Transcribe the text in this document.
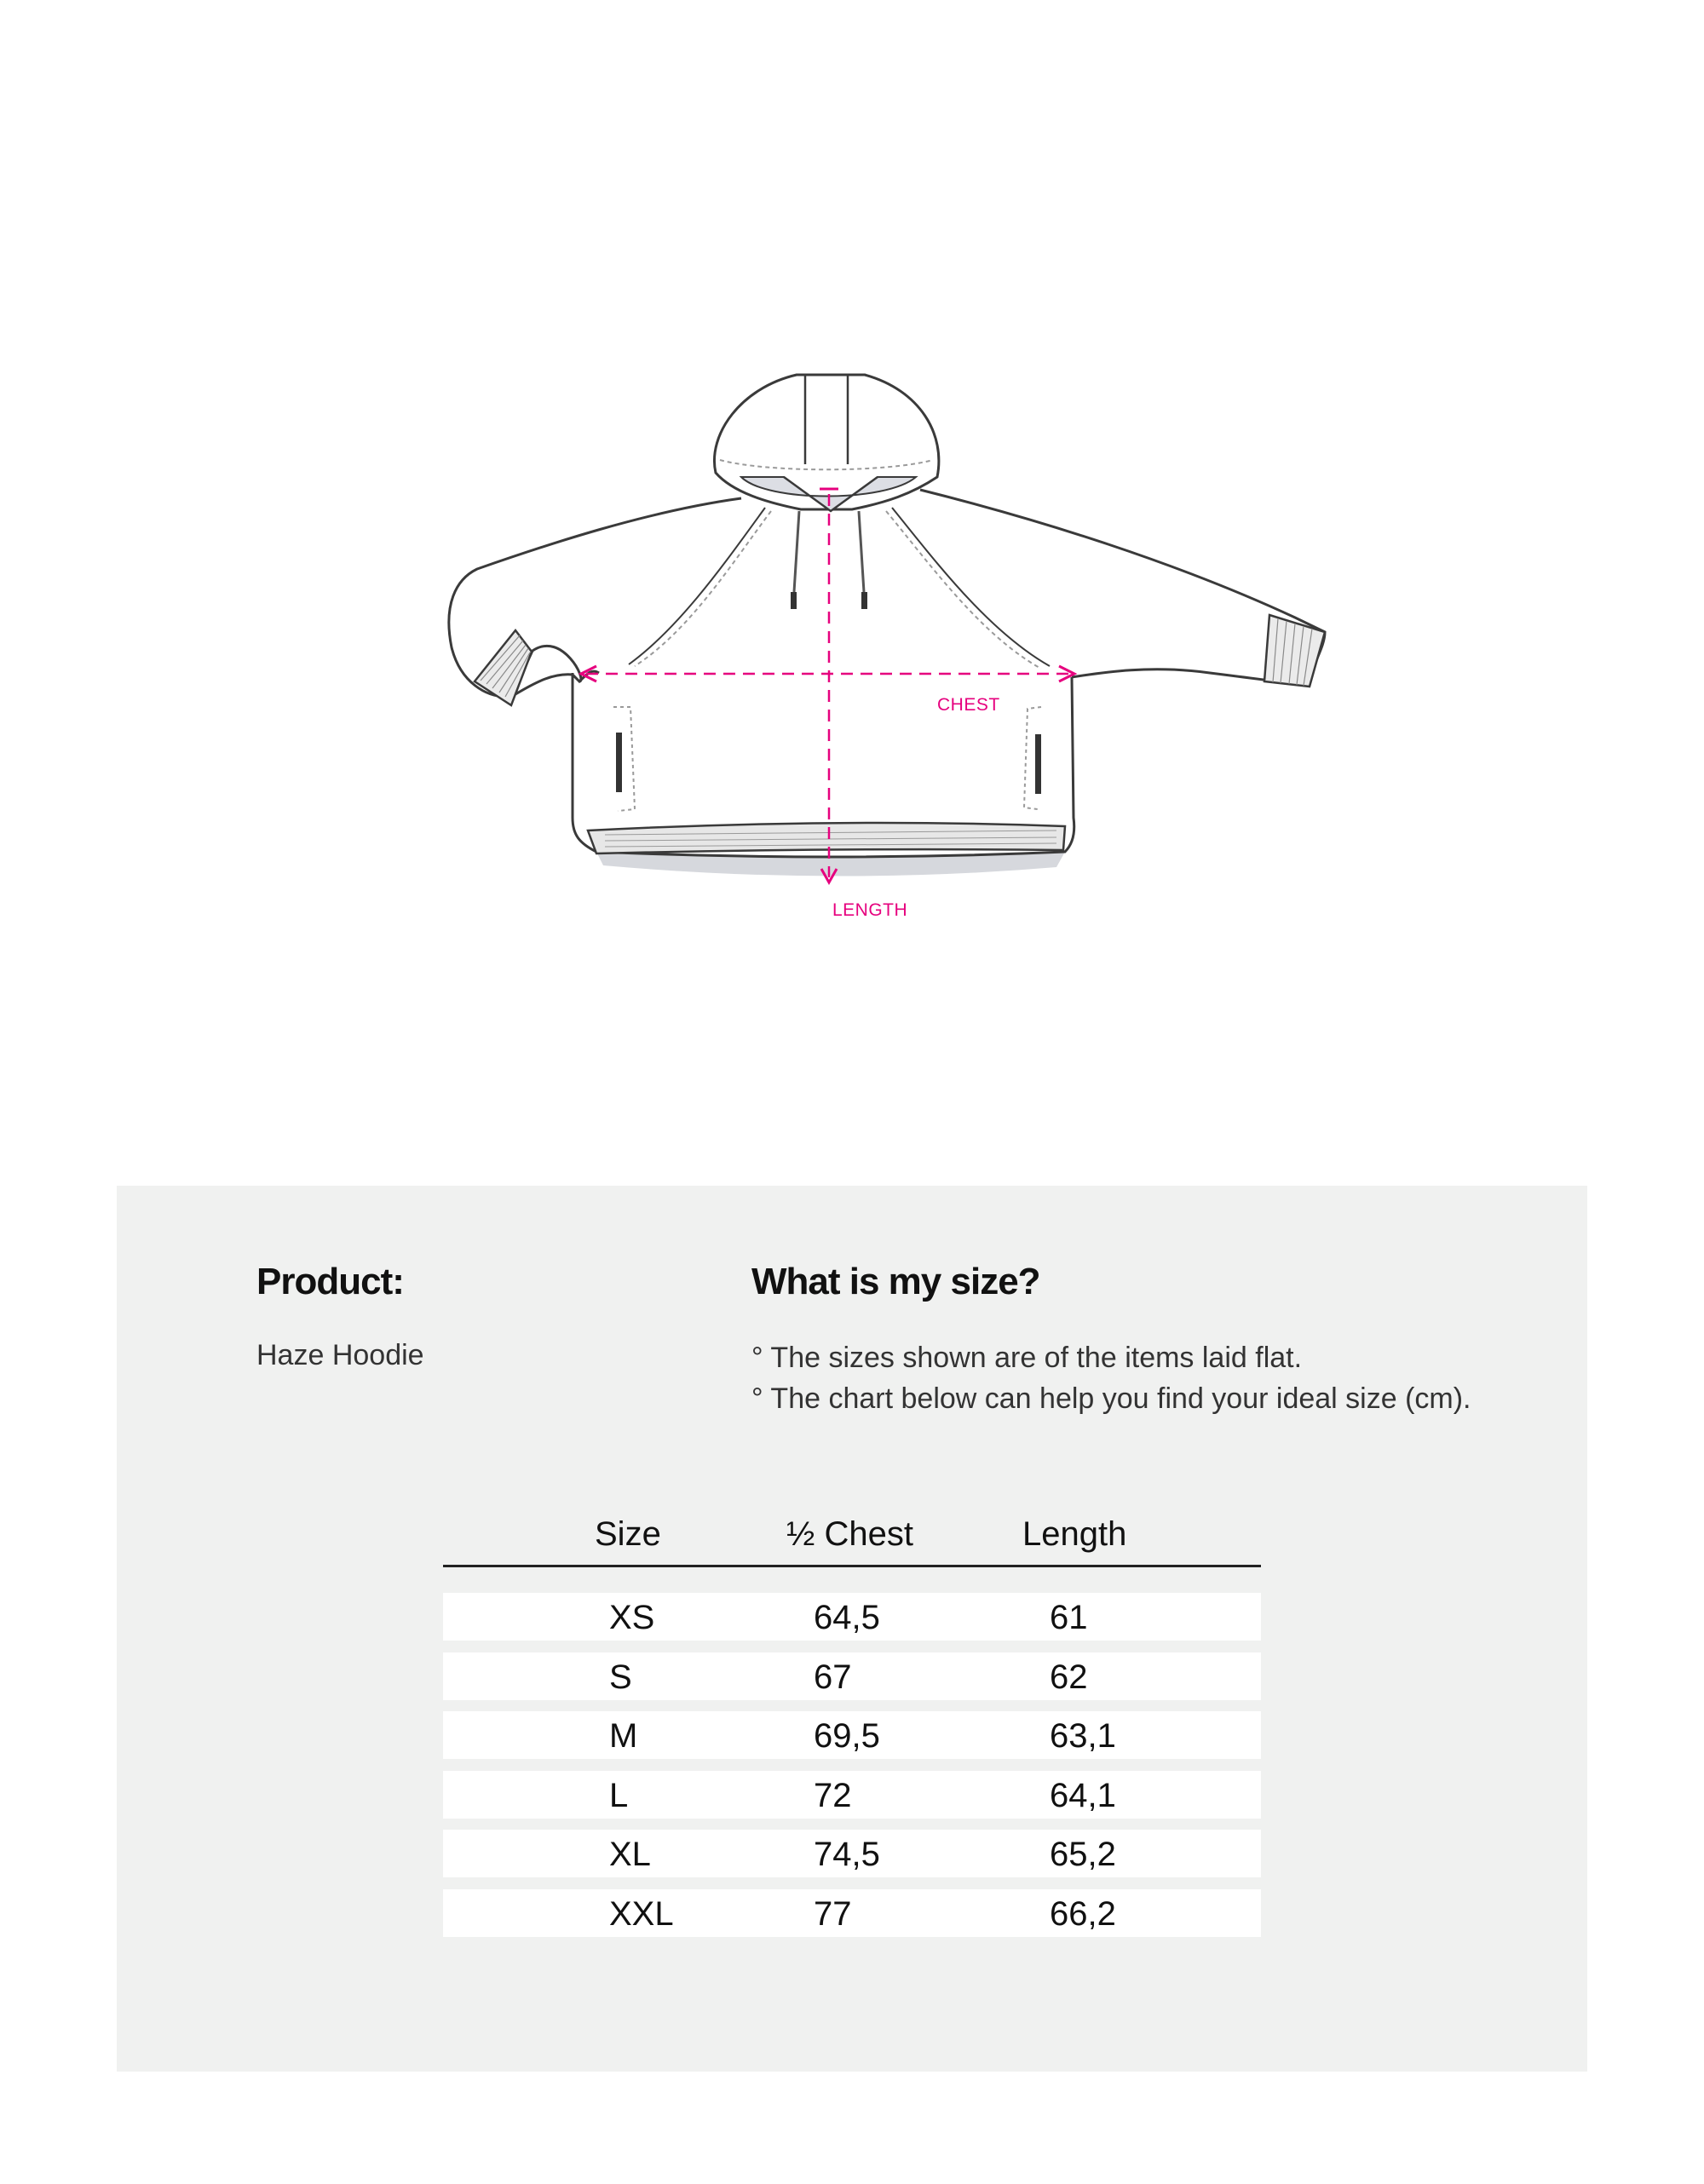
CHEST
LENGTH
Product:
Haze Hoodie
What is my size?
° The sizes shown are of the items laid flat.
° The chart below can help you find your ideal size (cm).
Size	½ Chest	Length
XS	64,5	61
S	67	62
M	69,5	63,1
L	72	64,1
XL	74,5	65,2
XXL	77	66,2
